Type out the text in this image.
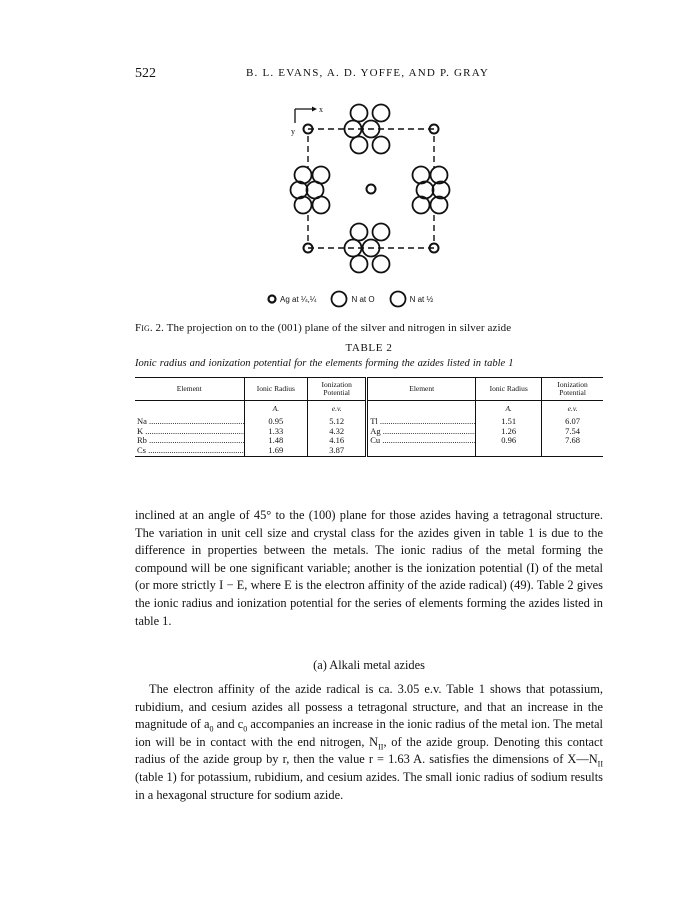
522	B. L. EVANS, A. D. YOFFE, AND P. GRAY
x
y
Ag at ¼,¼	N at O	N at ½
Fig. 2. The projection on to the (001) plane of the silver and nitrogen in silver azide
TABLE 2
Ionic radius and ionization potential for the elements forming the azides listed in table 1
Element	Ionic Radius	Ionization Potential	Element	Ionic Radius	Ionization Potential
	A.	e.v.		A.	e.v.
Na .....	0.95	5.12	Tl .....	1.51	6.07
K .....	1.33	4.32	Ag .....	1.26	7.54
Rb .....	1.48	4.16	Cu .....	0.96	7.68
Cs .....	1.69	3.87			

inclined at an angle of 45° to the (100) plane for those azides having a tetragonal structure. The variation in unit cell size and crystal class for the azides given in table 1 is due to the difference in properties between the metals. The ionic radius of the metal forming the compound will be one significant variable; another is the ionization potential (I) of the metal (or more strictly I − E, where E is the electron affinity of the azide radical) (49). Table 2 gives the ionic radius and ionization potential for the series of elements forming the azides listed in table 1.

(a) Alkali metal azides

The electron affinity of the azide radical is ca. 3.05 e.v. Table 1 shows that potassium, rubidium, and cesium azides all possess a tetragonal structure, and that an increase in the magnitude of $a_0$ and $c_0$ accompanies an increase in the ionic radius of the metal ion. The metal ion will be in contact with the end nitrogen, $N_{II}$, of the azide group. Denoting this contact radius of the azide group by r, then the value r = 1.63 A. satisfies the dimensions of $X—N_{II}$ (table 1) for potassium, rubidium, and cesium azides. The small ionic radius of sodium results in a hexagonal structure for sodium azide.
